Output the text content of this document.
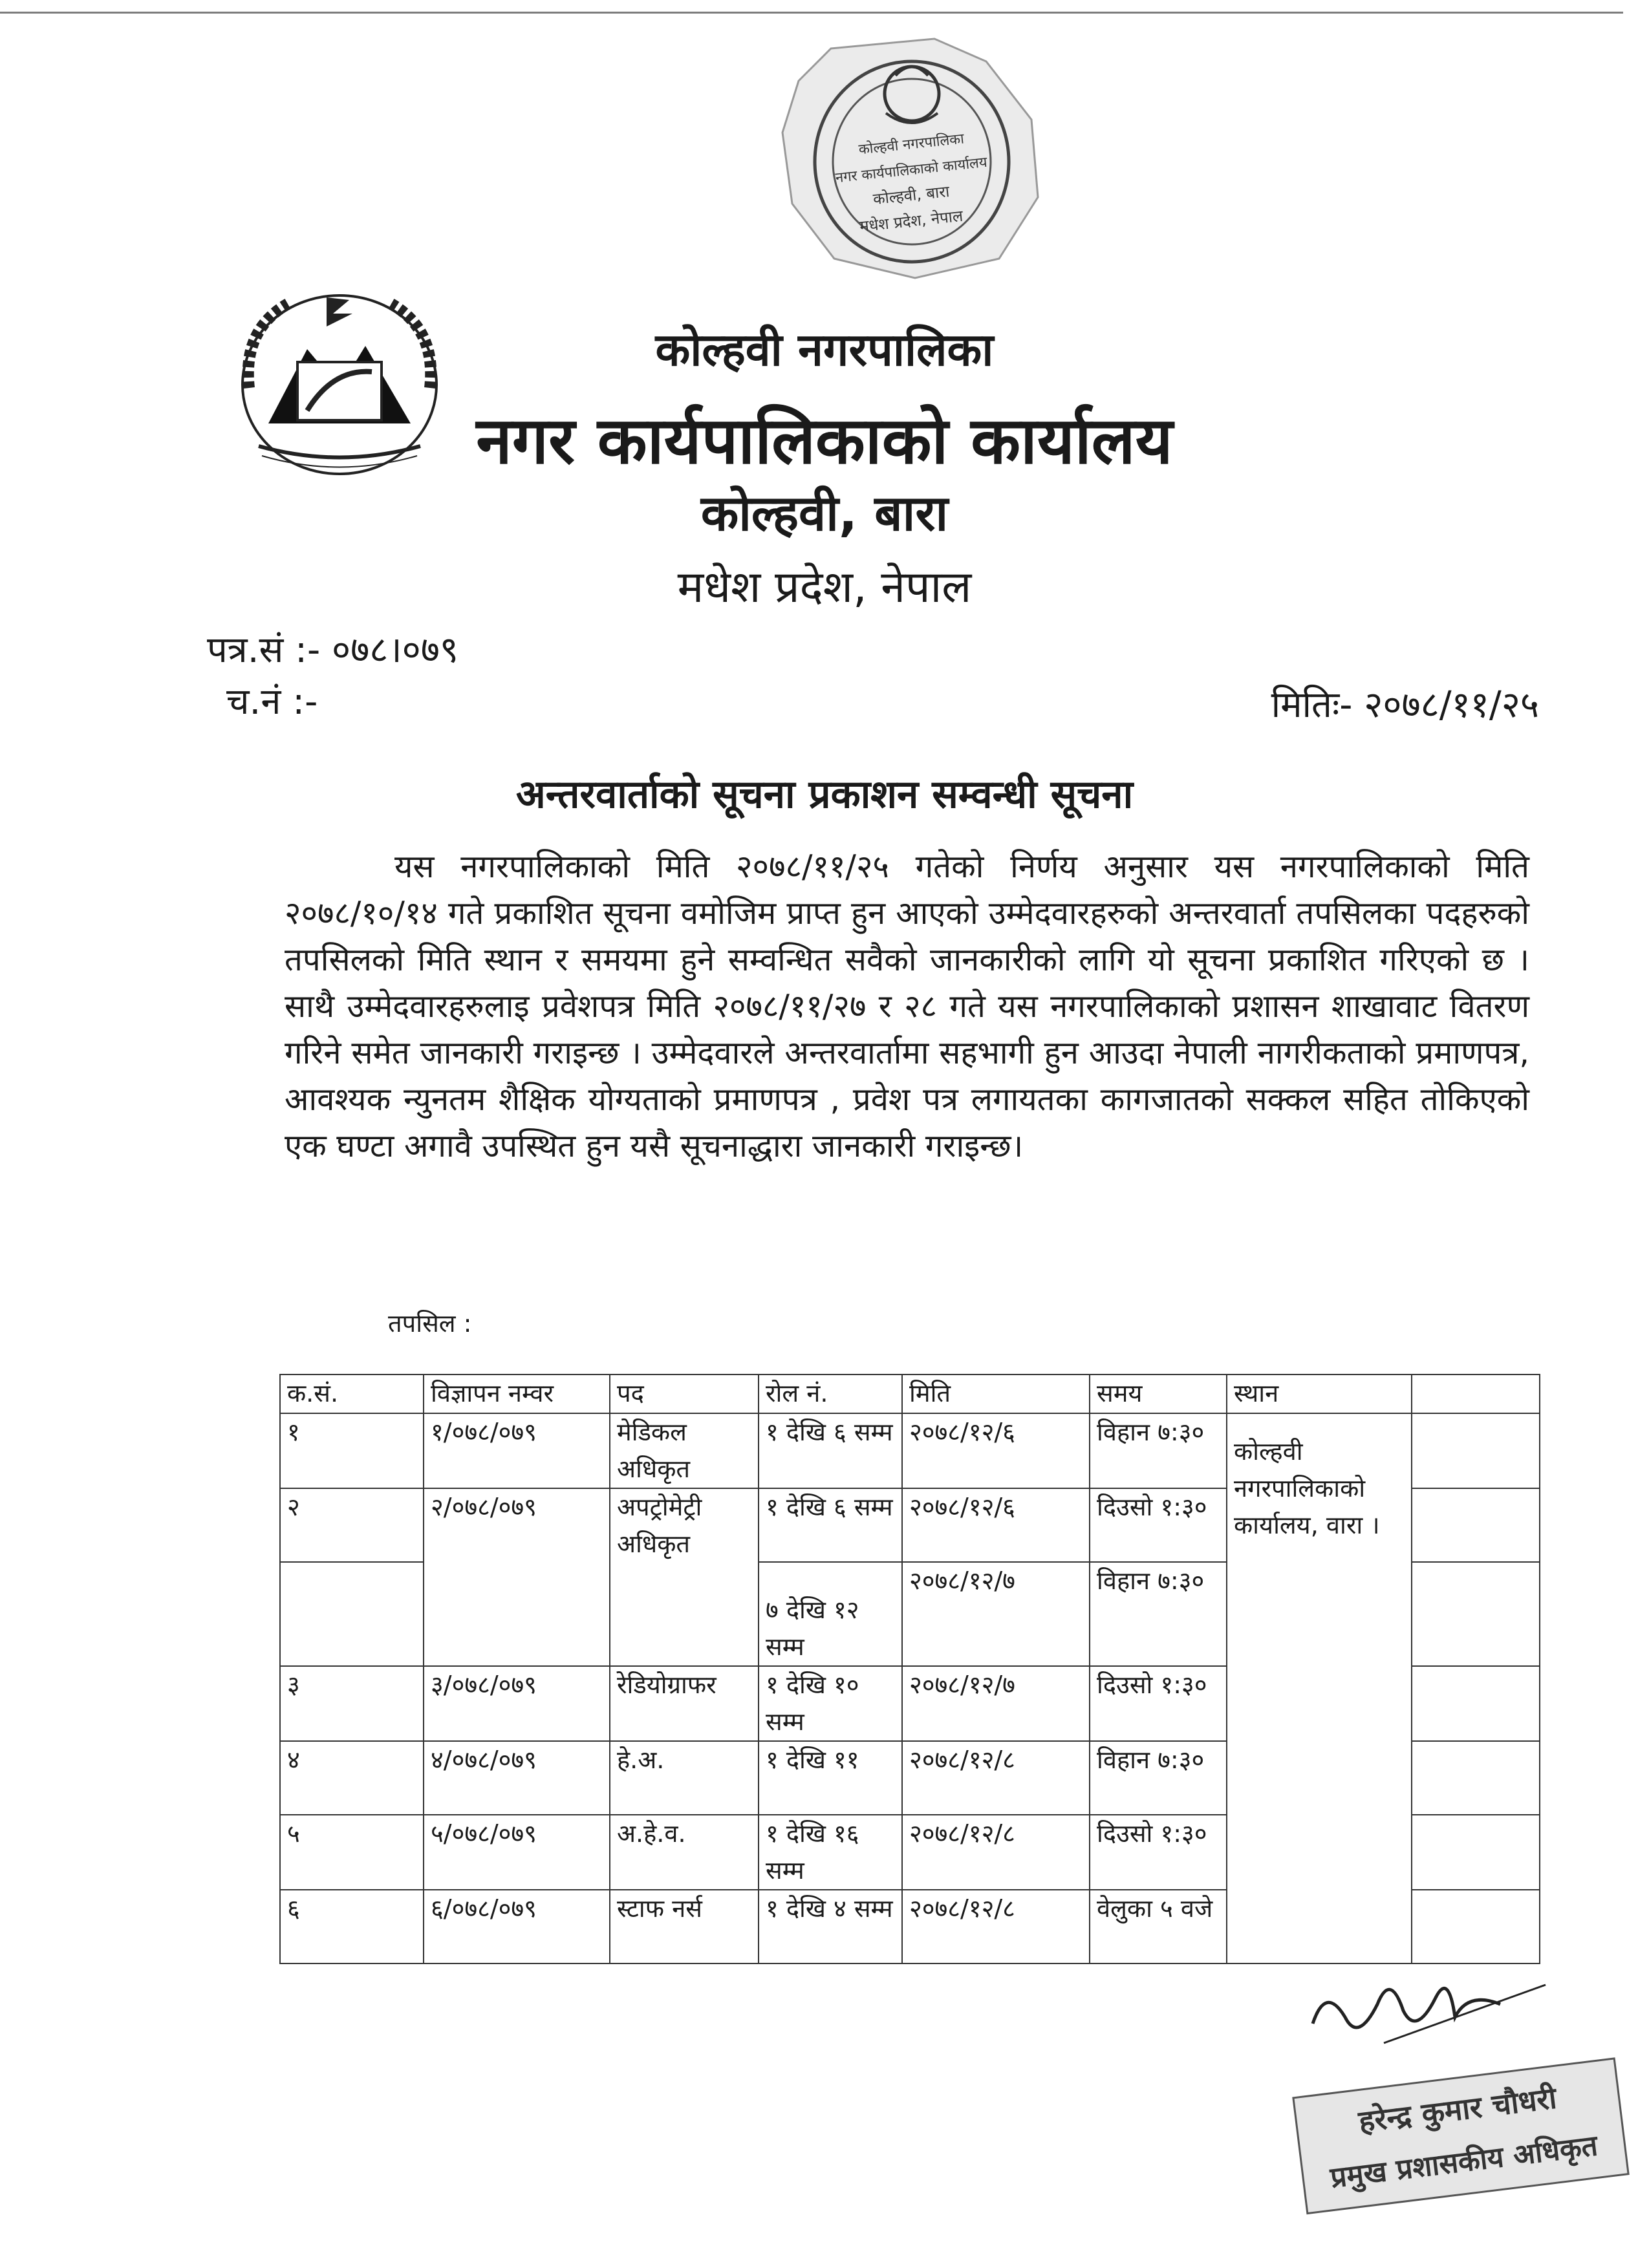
कोल्हवी नगरपालिका
नगर कार्यपालिकाको कार्यालय
कोल्हवी, बारा
मधेश प्रदेश, नेपाल
कोल्हवी नगरपालिका
नगर कार्यपालिकाको कार्यालय
कोल्हवी, बारा
मधेश प्रदेश, नेपाल
पत्र.सं :- ०७८।०७९
च.नं :-	मितिः- २०७८/११/२५
अन्तरवार्ताको सूचना प्रकाशन सम्वन्धी सूचना
यस नगरपालिकाको मिति २०७८/११/२५ गतेको निर्णय अनुसार यस नगरपालिकाको मिति २०७८/१०/१४ गते प्रकाशित सूचना वमोजिम प्राप्त हुन आएको उम्मेदवारहरुको अन्तरवार्ता तपसिलका पदहरुको तपसिलको मिति स्थान र समयमा हुने सम्वन्धित सवैको जानकारीको लागि यो सूचना प्रकाशित गरिएको छ । साथै उम्मेदवारहरुलाइ प्रवेशपत्र मिति २०७८/११/२७ र २८ गते यस नगरपालिकाको प्रशासन शाखावाट वितरण गरिने समेत जानकारी गराइन्छ । उम्मेदवारले अन्तरवार्तामा सहभागी हुन आउदा नेपाली नागरीकताको प्रमाणपत्र, आवश्यक न्युनतम शैक्षिक योग्यताको प्रमाणपत्र , प्रवेश पत्र लगायतका कागजातको सक्कल सहित तोकिएको एक घण्टा अगावै उपस्थित हुन यसै सूचनाद्धारा जानकारी गराइन्छ।
तपसिल :
क.सं.	विज्ञापन नम्वर	पद	रोल नं.	मिति	समय	स्थान	
१	१/०७८/०७९	मेडिकल अधिकृत	१ देखि ६ सम्म	२०७८/१२/६	विहान ७:३०	कोल्हवी नगरपालिकाको कार्यालय, वारा ।	
२	२/०७८/०७९	अपट्रोमेट्री अधिकृत	१ देखि ६ सम्म	२०७८/१२/६	दिउसो १:३०		
			७ देखि १२ सम्म	२०७८/१२/७	विहान ७:३०		
३	३/०७८/०७९	रेडियोग्राफर	१ देखि १० सम्म	२०७८/१२/७	दिउसो १:३०		
४	४/०७८/०७९	हे.अ.	१ देखि ११	२०७८/१२/८	विहान ७:३०		
५	५/०७८/०७९	अ.हे.व.	१ देखि १६ सम्म	२०७८/१२/८	दिउसो १:३०		
६	६/०७८/०७९	स्टाफ नर्स	१ देखि ४ सम्म	२०७८/१२/८	वेलुका ५ वजे		
हरेन्द्र कुमार चौधरी
प्रमुख प्रशासकीय अधिकृत
